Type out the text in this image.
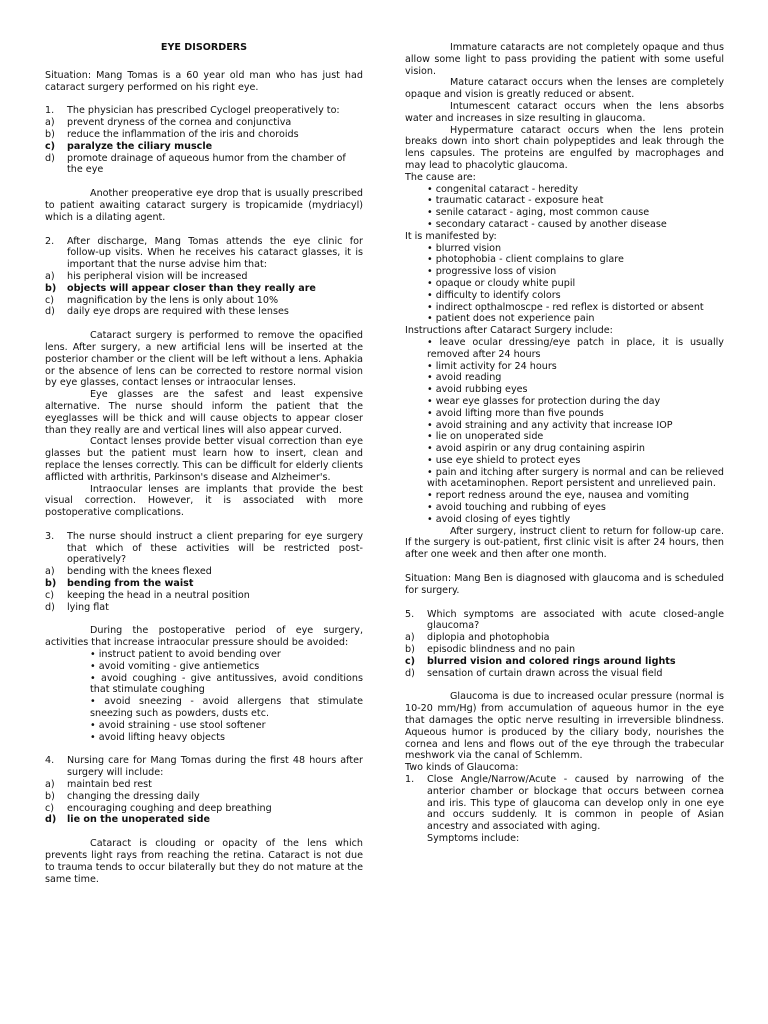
EYE DISORDERS

Situation: Mang Tomas is a 60 year old man who has just had cataract surgery performed on his right eye.

1.	The physician has prescribed Cyclogel preoperatively to:
a)	prevent dryness of the cornea and conjunctiva
b)	reduce the inflammation of the iris and choroids
c)	paralyze the ciliary muscle
d)	promote drainage of aqueous humor from the chamber of the eye

Another preoperative eye drop that is usually prescribed to patient awaiting cataract surgery is tropicamide (mydriacyl) which is a dilating agent.

2.	After discharge, Mang Tomas attends the eye clinic for follow-up visits. When he receives his cataract glasses, it is important that the nurse advise him that:
a)	his peripheral vision will be increased
b)	objects will appear closer than they really are
c)	magnification by the lens is only about 10%
d)	daily eye drops are required with these lenses

Cataract surgery is performed to remove the opacified lens. After surgery, a new artificial lens will be inserted at the posterior chamber or the client will be left without a lens. Aphakia or the absence of lens can be corrected to restore normal vision by eye glasses, contact lenses or intraocular lenses.

Eye glasses are the safest and least expensive alternative. The nurse should inform the patient that the eyeglasses will be thick and will cause objects to appear closer than they really are and vertical lines will also appear curved.

Contact lenses provide better visual correction than eye glasses but the patient must learn how to insert, clean and replace the lenses correctly. This can be difficult for elderly clients afflicted with arthritis, Parkinson's disease and Alzheimer's.

Intraocular lenses are implants that provide the best visual correction. However, it is associated with more postoperative complications.

3.	The nurse should instruct a client preparing for eye surgery that which of these activities will be restricted post-operatively?
a)	bending with the knees flexed
b)	bending from the waist
c)	keeping the head in a neutral position
d)	lying flat

During the postoperative period of eye surgery, activities that increase intraocular pressure should be avoided:

• instruct patient to avoid bending over
• avoid vomiting - give antiemetics
• avoid coughing - give antitussives, avoid conditions that stimulate coughing
• avoid sneezing - avoid allergens that stimulate sneezing such as powders, dusts etc.
• avoid straining - use stool softener
• avoid lifting heavy objects
4.	Nursing care for Mang Tomas during the first 48 hours after surgery will include:
a)	maintain bed rest
b)	changing the dressing daily
c)	encouraging coughing and deep breathing
d)	lie on the unoperated side

Cataract is clouding or opacity of the lens which prevents light rays from reaching the retina. Cataract is not due to trauma tends to occur bilaterally but they do not mature at the same time.

Immature cataracts are not completely opaque and thus allow some light to pass providing the patient with some useful vision.

Mature cataract occurs when the lenses are completely opaque and vision is greatly reduced or absent.

Intumescent cataract occurs when the lens absorbs water and increases in size resulting in glaucoma.

Hypermature cataract occurs when the lens protein breaks down into short chain polypeptides and leak through the lens capsules. The proteins are engulfed by macrophages and may lead to phacolytic glaucoma.

The cause are:

• congenital cataract - heredity
• traumatic cataract - exposure heat
• senile cataract - aging, most common cause
• secondary cataract - caused by another disease

It is manifested by:

• blurred vision
• photophobia - client complains to glare
• progressive loss of vision
• opaque or cloudy white pupil
• difficulty to identify colors
• indirect opthalmoscpe - red reflex is distorted or absent
• patient does not experience pain

Instructions after Cataract Surgery include:

• leave ocular dressing/eye patch in place, it is usually removed after 24 hours
• limit activity for 24 hours
• avoid reading
• avoid rubbing eyes
• wear eye glasses for protection during the day
• avoid lifting more than five pounds
• avoid straining and any activity that increase IOP
• lie on unoperated side
• avoid aspirin or any drug containing aspirin
• use eye shield to protect eyes
• pain and itching after surgery is normal and can be relieved with acetaminophen. Report persistent and unrelieved pain.
• report redness around the eye, nausea and vomiting
• avoid touching and rubbing of eyes
• avoid closing of eyes tightly

After surgery, instruct client to return for follow-up care. If the surgery is out-patient, first clinic visit is after 24 hours, then after one week and then after one month.

Situation: Mang Ben is diagnosed with glaucoma and is scheduled for surgery.

5.	Which symptoms are associated with acute closed-angle glaucoma?
a)	diplopia and photophobia
b)	episodic blindness and no pain
c)	blurred vision and colored rings around lights
d)	sensation of curtain drawn across the visual field

Glaucoma is due to increased ocular pressure (normal is 10-20 mm/Hg) from accumulation of aqueous humor in the eye that damages the optic nerve resulting in irreversible blindness. Aqueous humor is produced by the ciliary body, nourishes the cornea and lens and flows out of the eye through the trabecular meshwork via the canal of Schlemm.

Two kinds of Glaucoma:

1.	Close Angle/Narrow/Acute - caused by narrowing of the anterior chamber or blockage that occurs between cornea and iris. This type of glaucoma can develop only in one eye and occurs suddenly. It is common in people of Asian ancestry and associated with aging.

Symptoms include:
